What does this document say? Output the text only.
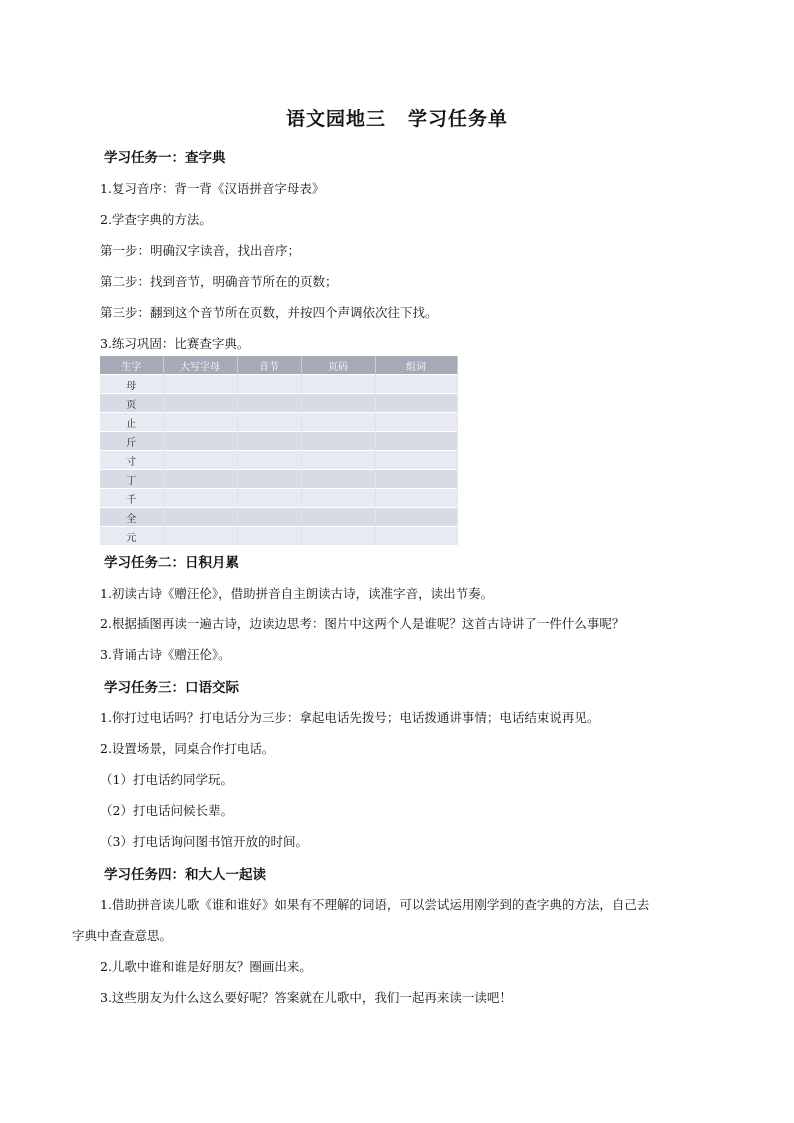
语文园地三 学习任务单
学习任务一：查字典
1.复习音序：背一背《汉语拼音字母表》
2.学查字典的方法。
第一步：明确汉字读音，找出音序；
第二步：找到音节，明确音节所在的页数；
第三步：翻到这个音节所在页数，并按四个声调依次往下找。
3.练习巩固：比赛查字典。
生字	大写字母	音节	页码	组词
母				
页				
止				
斤				
寸				
丁				
千				
全				
元				
学习任务二：日积月累
1.初读古诗《赠汪伦》，借助拼音自主朗读古诗，读准字音，读出节奏。
2.根据插图再读一遍古诗，边读边思考：图片中这两个人是谁呢？这首古诗讲了一件什么事呢？
3.背诵古诗《赠汪伦》。
学习任务三：口语交际
1.你打过电话吗？打电话分为三步：拿起电话先拨号；电话拨通讲事情；电话结束说再见。
2.设置场景，同桌合作打电话。
（1）打电话约同学玩。
（2）打电话问候长辈。
（3）打电话询问图书馆开放的时间。
学习任务四：和大人一起读
1.借助拼音读儿歌《谁和谁好》如果有不理解的词语，可以尝试运用刚学到的查字典的方法，自己去
字典中查查意思。
2.儿歌中谁和谁是好朋友？圈画出来。
3.这些朋友为什么这么要好呢？答案就在儿歌中，我们一起再来读一读吧！
